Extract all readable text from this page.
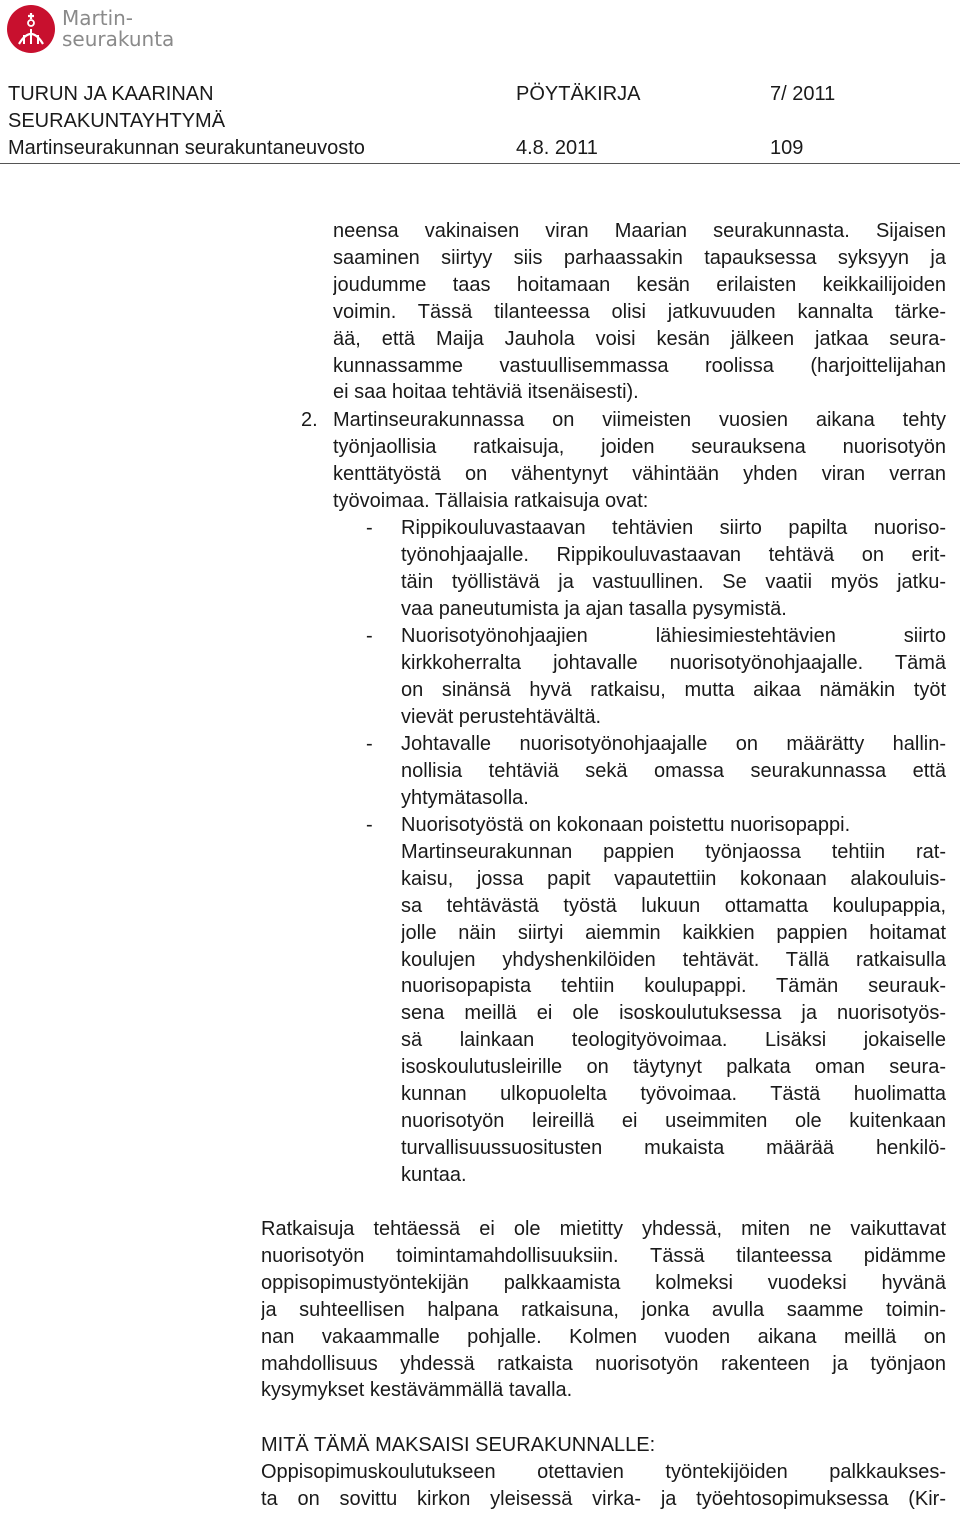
Martin-
seurakunta
TURUN JA KAARINAN	PÖYTÄKIRJA	7/ 2011
SEURAKUNTAYHTYMÄ
Martinseurakunnan seurakuntaneuvosto	4.8. 2011	109
neensa vakinaisen viran Maarian seurakunnasta. Sijaisen
saaminen siirtyy siis parhaassakin tapauksessa syksyyn ja
joudumme taas hoitamaan kesän erilaisten keikkailijoiden
voimin. Tässä tilanteessa olisi jatkuvuuden kannalta tärke-
ää, että Maija Jauhola voisi kesän jälkeen jatkaa seura-
kunnassamme vastuullisemmassa roolissa (harjoittelijahan
ei saa hoitaa tehtäviä itsenäisesti).
2. Martinseurakunnassa on viimeisten vuosien aikana tehty
työnjaollisia ratkaisuja, joiden seurauksena nuorisotyön
kenttätyöstä on vähentynyt vähintään yhden viran verran
työvoimaa. Tällaisia ratkaisuja ovat:
- Rippikouluvastaavan tehtävien siirto papilta nuoriso-
työnohjaajalle. Rippikouluvastaavan tehtävä on erit-
täin työllistävä ja vastuullinen. Se vaatii myös jatku-
vaa paneutumista ja ajan tasalla pysymistä.
- Nuorisotyönohjaajien lähiesimiestehtävien siirto
kirkkoherralta johtavalle nuorisotyönohjaajalle. Tämä
on sinänsä hyvä ratkaisu, mutta aikaa nämäkin työt
vievät perustehtävältä.
- Johtavalle nuorisotyönohjaajalle on määrätty hallin-
nollisia tehtäviä sekä omassa seurakunnassa että
yhtymätasolla.
- Nuorisotyöstä on kokonaan poistettu nuorisopappi.
Martinseurakunnan pappien työnjaossa tehtiin rat-
kaisu, jossa papit vapautettiin kokonaan alakouluis-
sa tehtävästä työstä lukuun ottamatta koulupappia,
jolle näin siirtyi aiemmin kaikkien pappien hoitamat
koulujen yhdyshenkilöiden tehtävät. Tällä ratkaisulla
nuorisopapista tehtiin koulupappi. Tämän seurauk-
sena meillä ei ole isoskoulutuksessa ja nuorisotyös-
sä lainkaan teologityövoimaa. Lisäksi jokaiselle
isoskoulutusleirille on täytynyt palkata oman seura-
kunnan ulkopuolelta työvoimaa. Tästä huolimatta
nuorisotyön leireillä ei useimmiten ole kuitenkaan
turvallisuussuositusten mukaista määrää henkilö-
kuntaa.
Ratkaisuja tehtäessä ei ole mietitty yhdessä, miten ne vaikuttavat
nuorisotyön toimintamahdollisuuksiin. Tässä tilanteessa pidämme
oppisopimustyöntekijän palkkaamista kolmeksi vuodeksi hyvänä
ja suhteellisen halpana ratkaisuna, jonka avulla saamme toimin-
nan vakaammalle pohjalle. Kolmen vuoden aikana meillä on
mahdollisuus yhdessä ratkaista nuorisotyön rakenteen ja työnjaon
kysymykset kestävämmällä tavalla.
MITÄ TÄMÄ MAKSAISI SEURAKUNNALLE:
Oppisopimuskoulutukseen otettavien työntekijöiden palkkaukses-
ta on sovittu kirkon yleisessä virka- ja työehtosopimuksessa (Kir-
